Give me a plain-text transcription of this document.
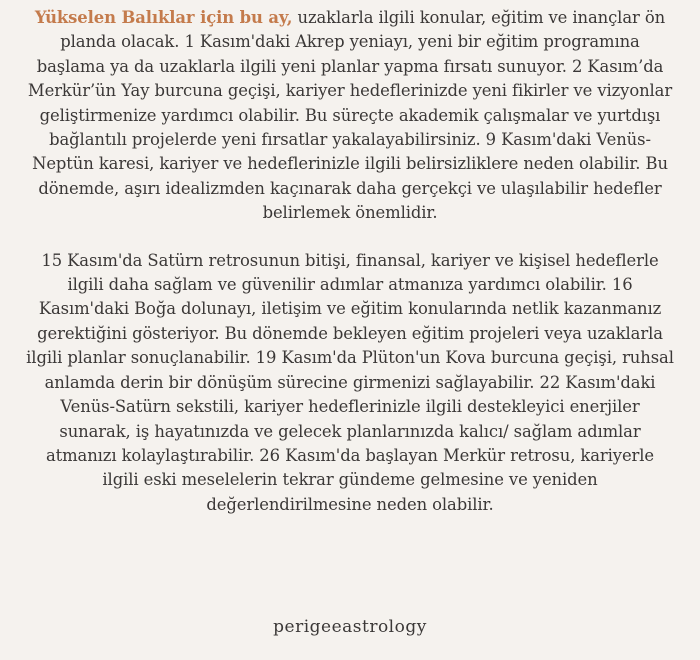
Yükselen Balıklar için bu ay, uzaklarla ilgili konular, eğitim ve inançlar ön planda olacak. 1 Kasım'daki Akrep yeniayı, yeni bir eğitim programına başlama ya da uzaklarla ilgili yeni planlar yapma fırsatı sunuyor. 2 Kasım’da Merkür’ün Yay burcuna geçişi, kariyer hedeflerinizde yeni fikirler ve vizyonlar geliştirmenize yardımcı olabilir. Bu süreçte akademik çalışmalar ve yurtdışı bağlantılı projelerde yeni fırsatlar yakalayabilirsiniz. 9 Kasım'daki Venüs-Neptün karesi, kariyer ve hedeflerinizle ilgili belirsizliklere neden olabilir. Bu dönemde, aşırı idealizmden kaçınarak daha gerçekçi ve ulaşılabilir hedefler belirlemek önemlidir.

15 Kasım'da Satürn retrosunun bitişi, finansal, kariyer ve kişisel hedeflerle ilgili daha sağlam ve güvenilir adımlar atmanıza yardımcı olabilir. 16 Kasım'daki Boğa dolunayı, iletişim ve eğitim konularında netlik kazanmanız gerektiğini gösteriyor. Bu dönemde bekleyen eğitim projeleri veya uzaklarla ilgili planlar sonuçlanabilir. 19 Kasım'da Plüton'un Kova burcuna geçişi, ruhsal anlamda derin bir dönüşüm sürecine girmenizi sağlayabilir. 22 Kasım'daki Venüs-Satürn sekstili, kariyer hedeflerinizle ilgili destekleyici enerjiler sunarak, iş hayatınızda ve gelecek planlarınızda kalıcı/ sağlam adımlar atmanızı kolaylaştırabilir. 26 Kasım'da başlayan Merkür retrosu, kariyerle ilgili eski meselelerin tekrar gündeme gelmesine ve yeniden değerlendirilmesine neden olabilir.

perigeeastrology
